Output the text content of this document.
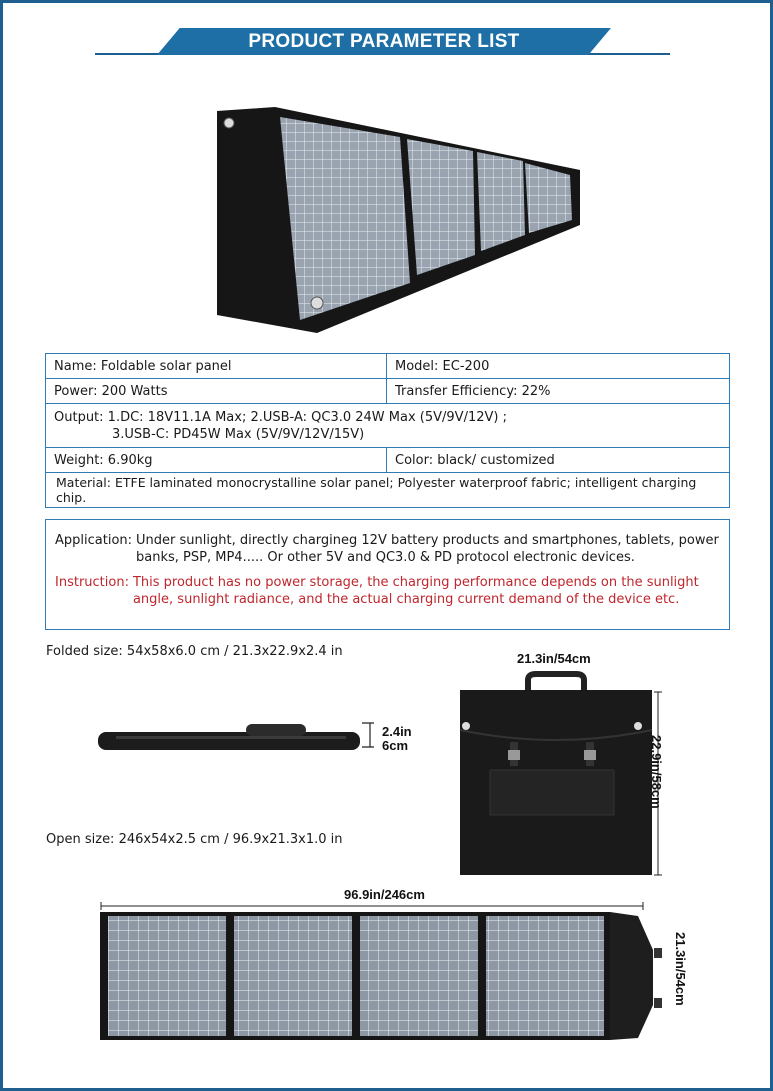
PRODUCT PARAMETER LIST
Name: Foldable solar panel	Model: EC-200
Power: 200 Watts	Transfer Efficiency: 22%
Output: 1.DC: 18V11.1A Max; 2.USB-A: QC3.0 24W Max (5V/9V/12V) ;
3.USB-C: PD45W Max (5V/9V/12V/15V)	

Weight: 6.90kg	Color: black/ customized
Material: ETFE laminated monocrystalline solar panel; Polyester waterproof fabric; intelligent charging chip.	
Application: Under sunlight, directly chargineg 12V battery products and smartphones, tablets, power banks, PSP, MP4..... Or other 5V and QC3.0 & PD protocol electronic devices.
Instruction: This product has no power storage, the charging performance depends on the sunlight angle, sunlight radiance, and the actual charging current demand of the device etc.
Folded size: 54x58x6.0 cm / 21.3x22.9x2.4 in
2.4in
6cm
21.3in/54cm
22.9in/58cm
Open size: 246x54x2.5 cm / 96.9x21.3x1.0 in
96.9in/246cm
21.3in/54cm
